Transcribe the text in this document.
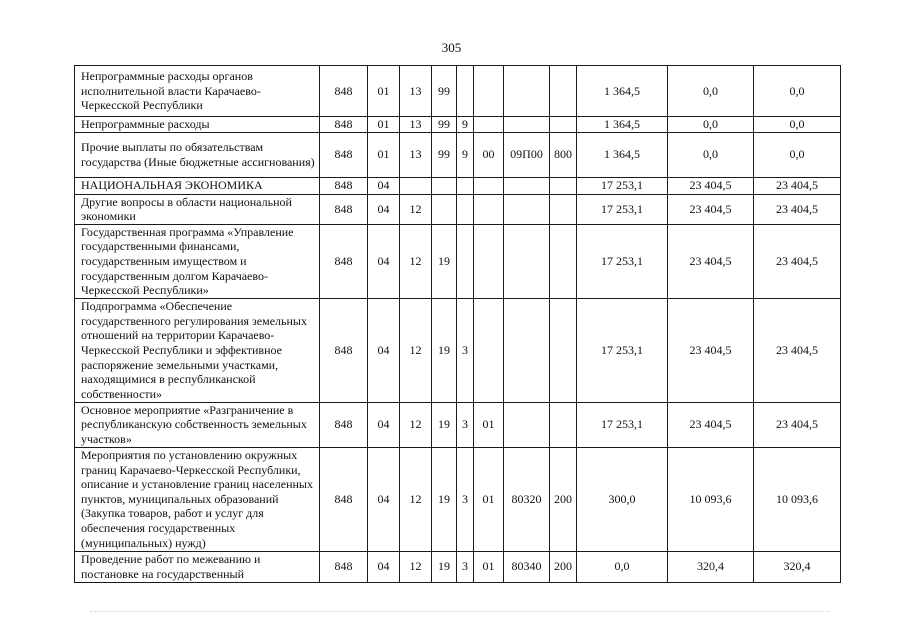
305
Непрограммные расходы органов исполнительной власти Карачаево-Черкесской Республики	848	01	13	99					1 364,5	0,0	0,0
Непрограммные расходы	848	01	13	99	9				1 364,5	0,0	0,0
Прочие выплаты по обязательствам государства (Иные бюджетные ассигнования)	848	01	13	99	9	00	09П00	800	1 364,5	0,0	0,0
НАЦИОНАЛЬНАЯ ЭКОНОМИКА	848	04							17 253,1	23 404,5	23 404,5
Другие вопросы в области национальной экономики	848	04	12						17 253,1	23 404,5	23 404,5
Государственная программа «Управление государственными финансами, государственным имуществом и государственным долгом Карачаево-Черкесской Республики»	848	04	12	19					17 253,1	23 404,5	23 404,5
Подпрограмма «Обеспечение государственного регулирования земельных отношений на территории Карачаево-Черкесской Республики и эффективное распоряжение земельными участками, находящимися в республиканской собственности»	848	04	12	19	3				17 253,1	23 404,5	23 404,5
Основное мероприятие «Разграничение в республиканскую собственность земельных участков»	848	04	12	19	3	01			17 253,1	23 404,5	23 404,5
Мероприятия по установлению окружных границ Карачаево-Черкесской Республики, описание и установление границ населенных пунктов, муниципальных образований (Закупка товаров, работ и услуг для обеспечения государственных (муниципальных) нужд)	848	04	12	19	3	01	80320	200	300,0	10 093,6	10 093,6
Проведение работ по межеванию и постановке на государственный	848	04	12	19	3	01	80340	200	0,0	320,4	320,4
